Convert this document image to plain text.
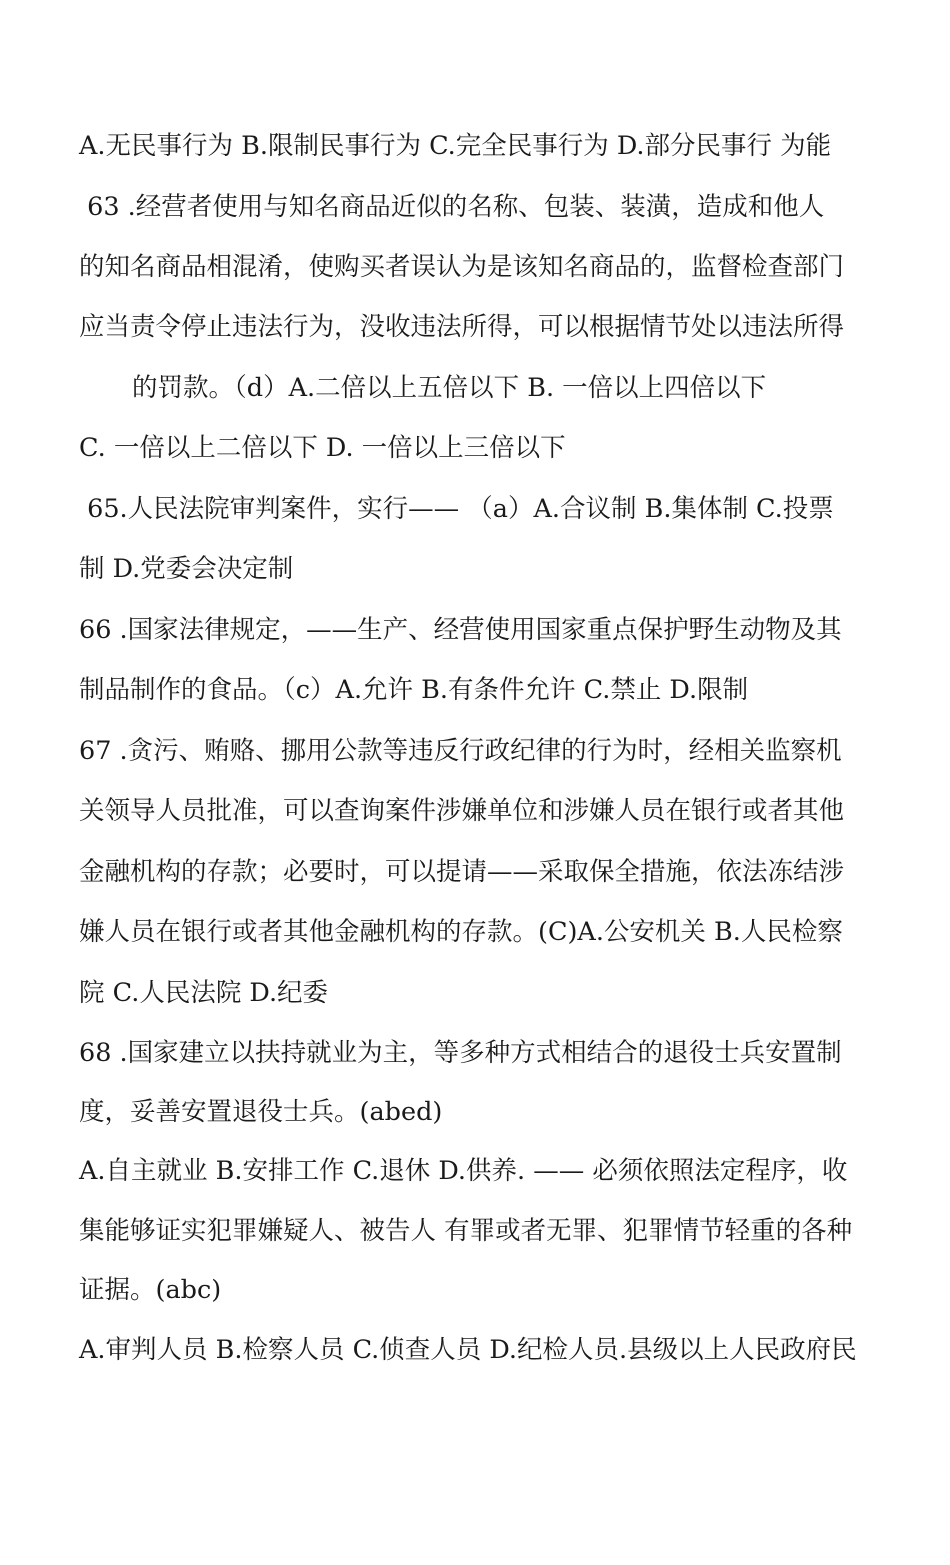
A.无民事行为 B.限制民事行为 C.完全民事行为 D.部分民事行 为能
63 .经营者使用与知名商品近似的名称、包装、装潢，造成和他人
的知名商品相混淆，使购买者误认为是该知名商品的，监督检查部门
应当责令停止违法行为，没收违法所得，可以根据情节处以违法所得
的罚款。（d）A.二倍以上五倍以下 B. 一倍以上四倍以下
C. 一倍以上二倍以下 D. 一倍以上三倍以下
65.人民法院审判案件，实行—— （a）A.合议制 B.集体制 C.投票
制 D.党委会决定制
66 .国家法律规定，——生产、经营使用国家重点保护野生动物及其
制品制作的食品。（c）A.允许 B.有条件允许 C.禁止 D.限制
67 .贪污、贿赂、挪用公款等违反行政纪律的行为时，经相关监察机
关领导人员批准，可以查询案件涉嫌单位和涉嫌人员在银行或者其他
金融机构的存款；必要时，可以提请——采取保全措施，依法冻结涉
嫌人员在银行或者其他金融机构的存款。(C)A.公安机关 B.人民检察
院 C.人民法院 D.纪委
68 .国家建立以扶持就业为主，等多种方式相结合的退役士兵安置制
度，妥善安置退役士兵。(abed)
A.自主就业 B.安排工作 C.退休 D.供养. —— 必须依照法定程序，收
集能够证实犯罪嫌疑人、被告人 有罪或者无罪、犯罪情节轻重的各种
证据。(abc)
A.审判人员 B.检察人员 C.侦查人员 D.纪检人员.县级以上人民政府民
